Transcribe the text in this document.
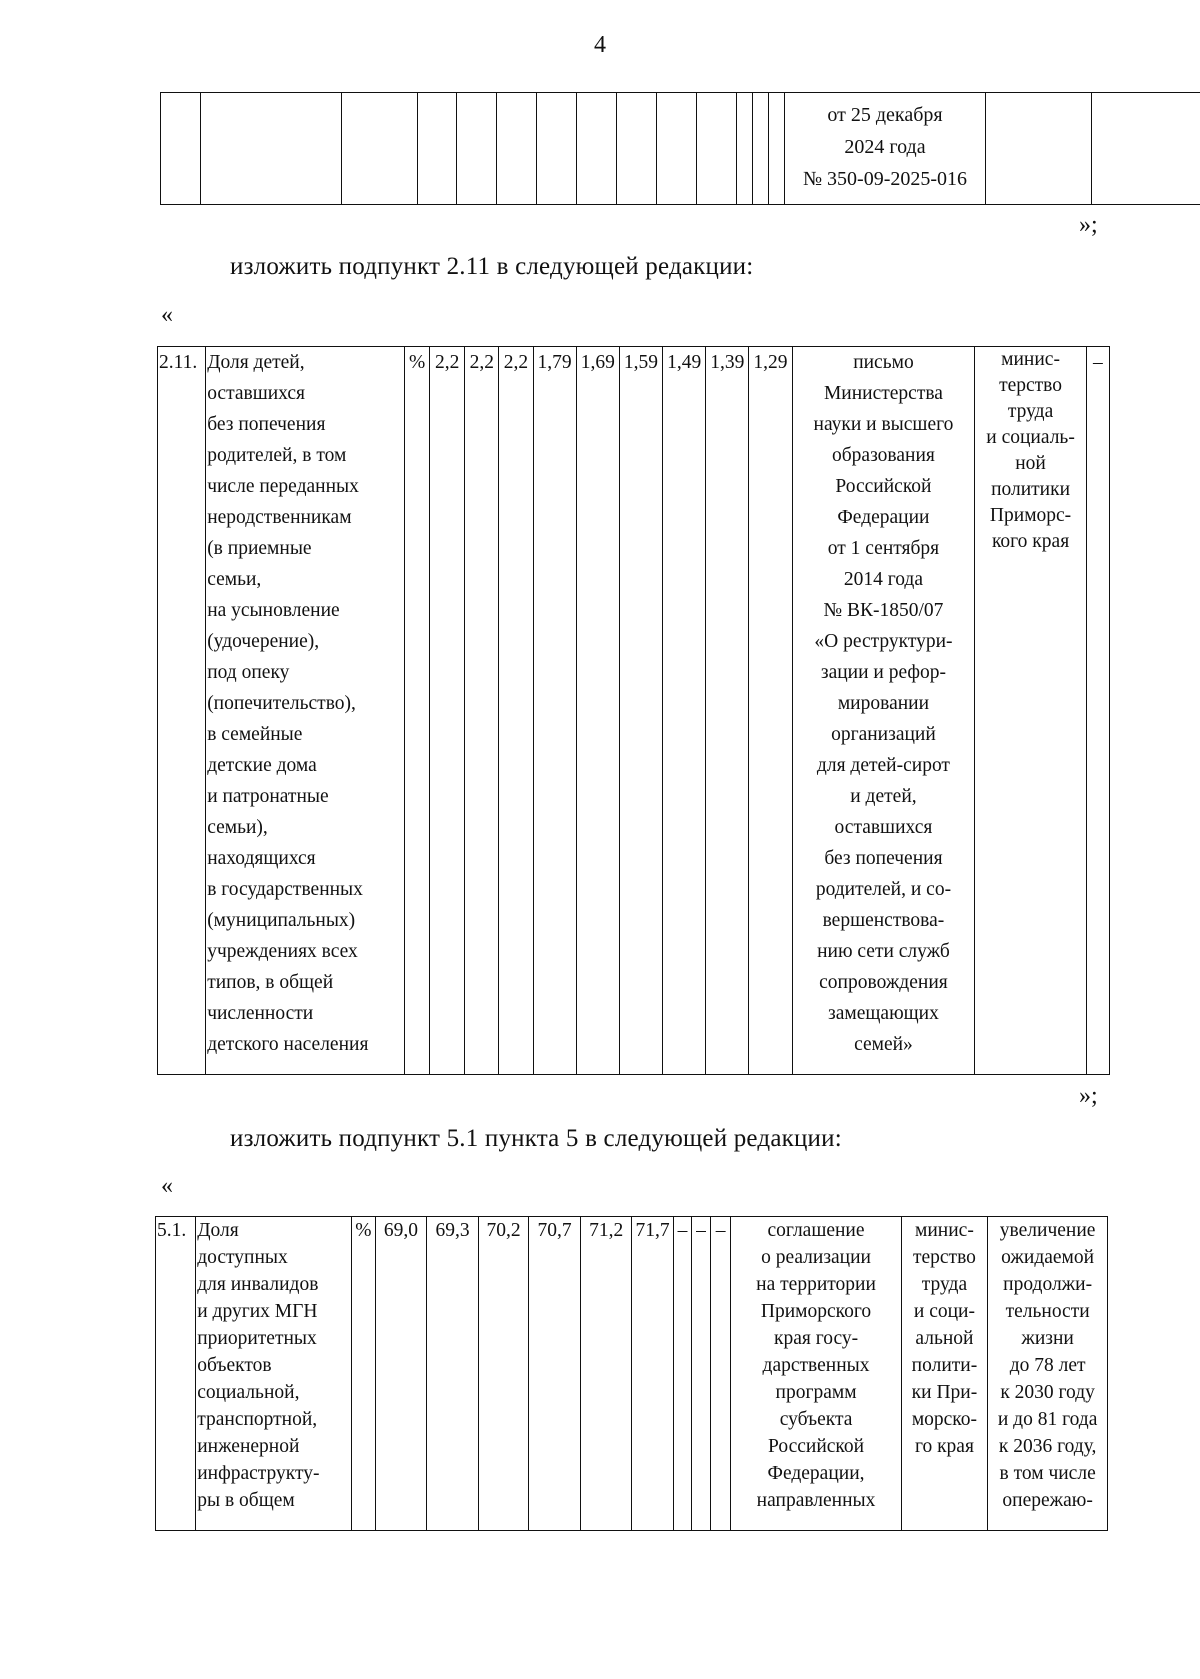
4
														от 25 декабря
2024 года
№ 350-09-2025-016		
»;
изложить подпункт 2.11 в следующей редакции:
«
2.11.	Доля детей,
оставшихся
без попечения
родителей, в том
числе переданных
неродственникам
(в приемные
семьи,
на усыновление
(удочерение),
под опеку
(попечительство),
в семейные
детские дома
и патронатные
семьи),
находящихся
в государственных
(муниципальных)
учреждениях всех
типов, в общей
численности
детского населения	%	2,2	2,2	2,2	1,79	1,69	1,59	1,49	1,39	1,29	письмо
Министерства
науки и высшего
образования
Российской
Федерации
от 1 сентября
2014 года
№ ВК-1850/07
«О реструктури-
зации и рефор-
мировании
организаций
для детей-сирот
и детей,
оставшихся
без попечения
родителей, и со-
вершенствова-
нию сети служб
сопровождения
замещающих
семей»	минис-
терство
труда
и социаль-
ной
политики
Приморс-
кого края	–
»;
изложить подпункт 5.1 пункта 5 в следующей редакции:
«
5.1.	Доля
доступных
для инвалидов
и других МГН
приоритетных
объектов
социальной,
транспортной,
инженерной
инфраструкту-
ры в общем	%	69,0	69,3	70,2	70,7	71,2	71,7	–	–	–	соглашение
о реализации
на территории
Приморского
края госу-
дарственных
программ
субъекта
Российской
Федерации,
направленных	минис-
терство
труда
и соци-
альной
полити-
ки При-
морско-
го края	увеличение
ожидаемой
продолжи-
тельности
жизни
до 78 лет
к 2030 году
и до 81 года
к 2036 году,
в том числе
опережаю-
